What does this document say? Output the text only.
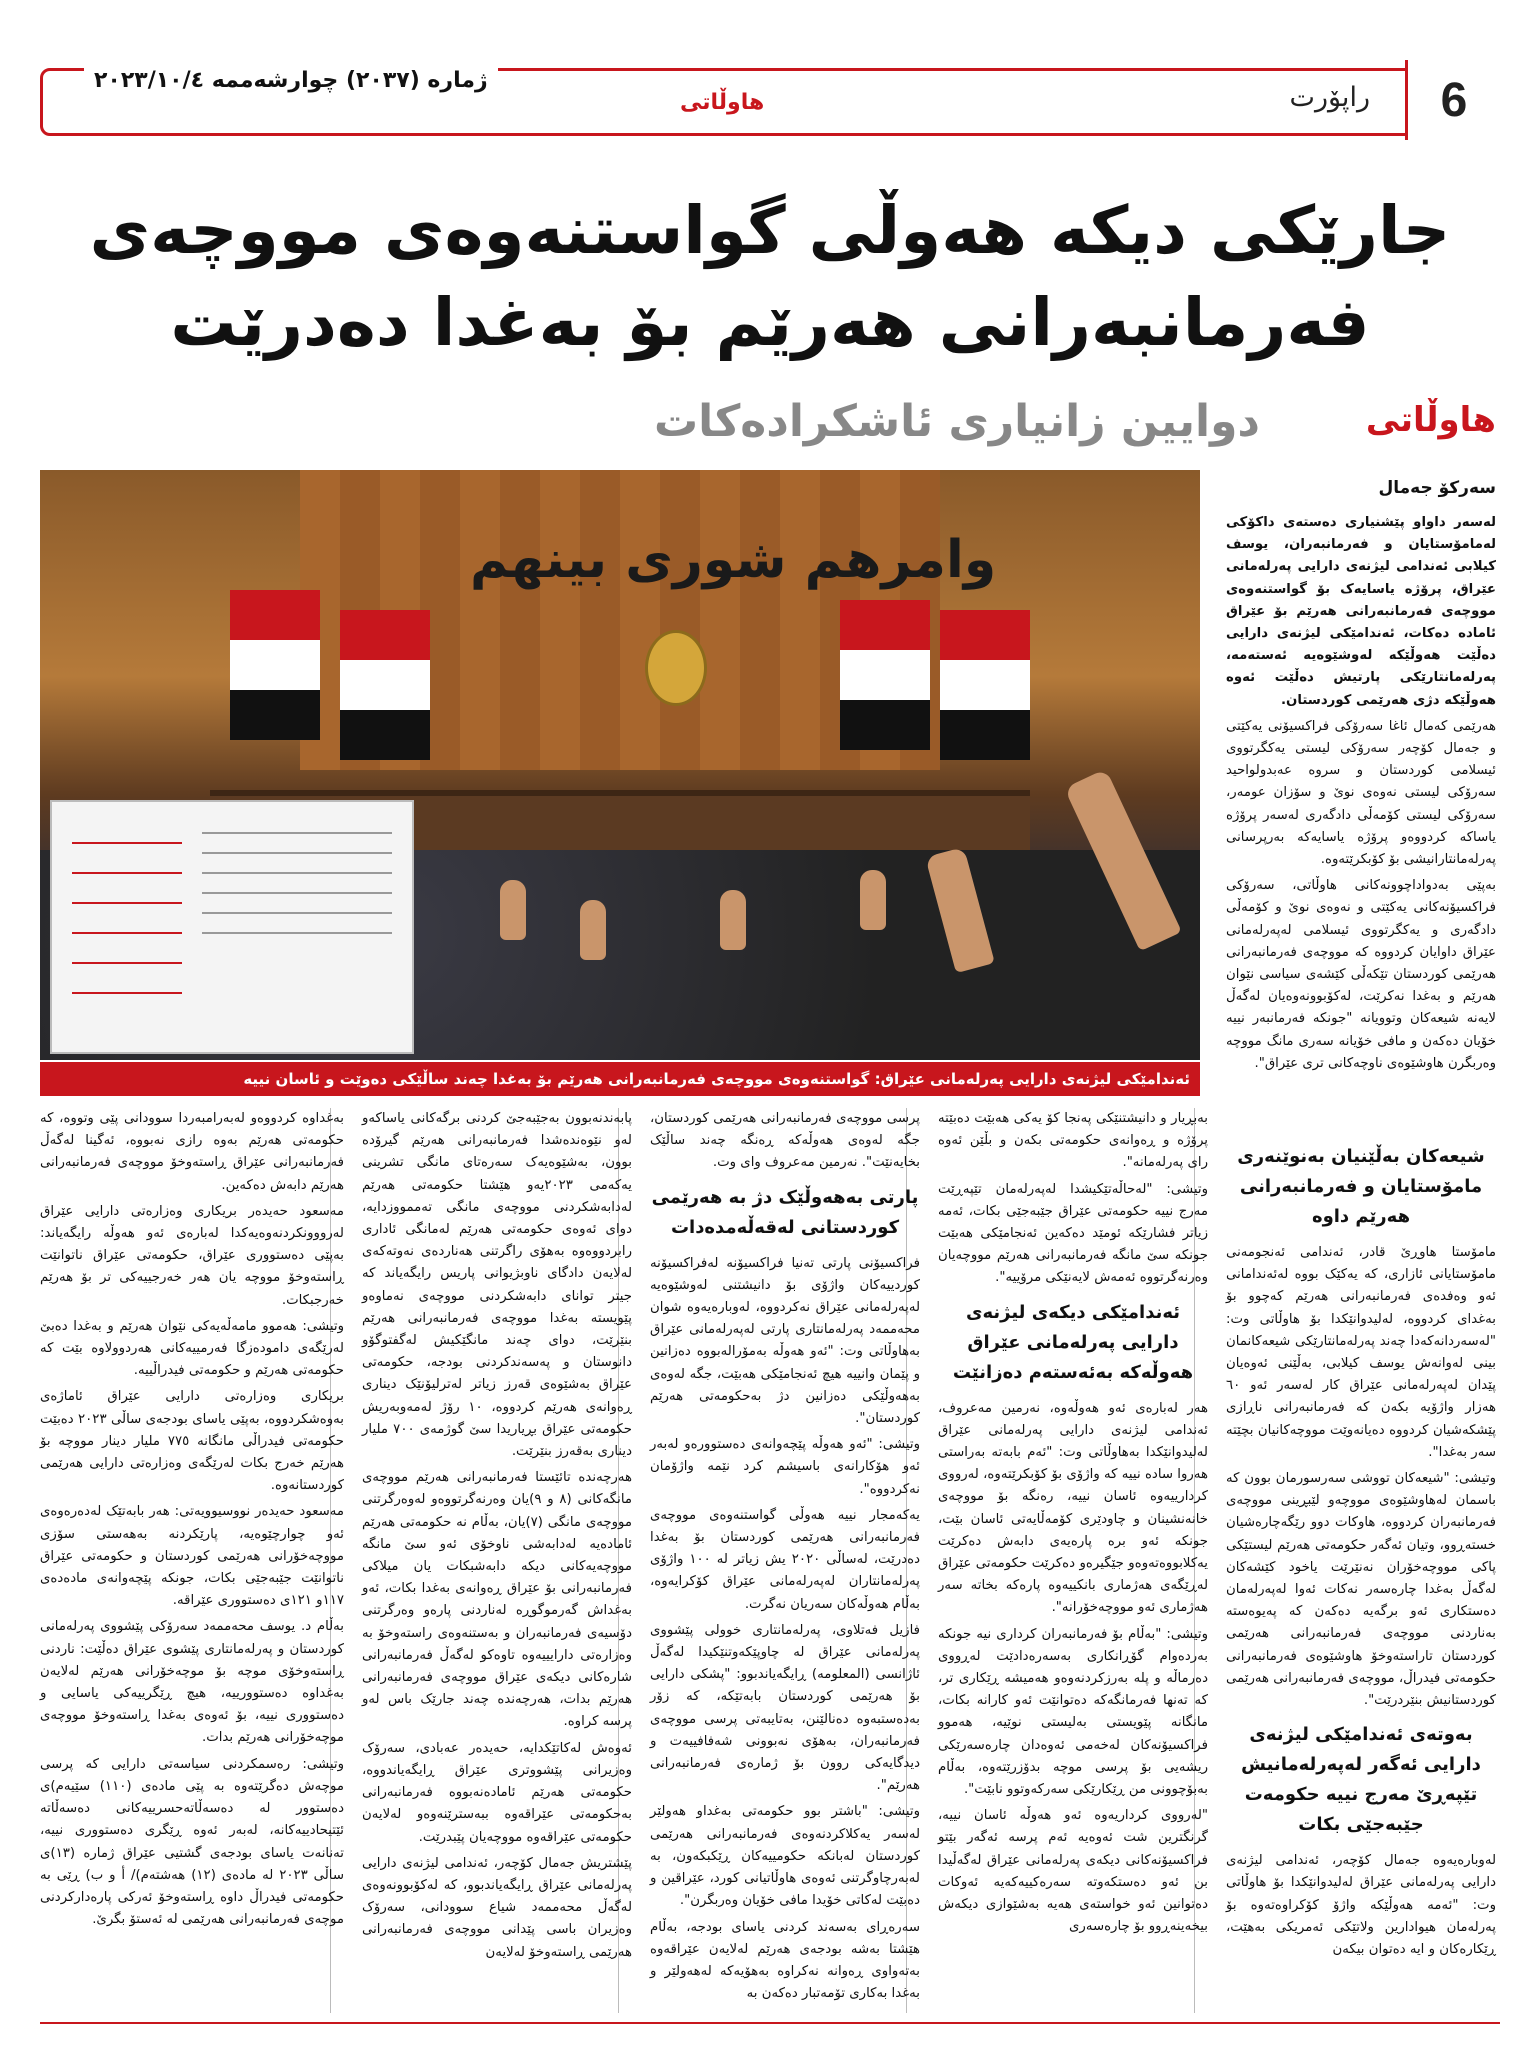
6
راپۆرت
هاوڵاتی
ژمارە (٢٠٣٧) چوارشەممە ٢٠٢٣/١٠/٤
جارێکی دیکە هەوڵی گواستنەوەی مووچەی
فەرمانبەرانی هەرێم بۆ بەغدا دەدرێت
هاوڵاتی
دوایین زانیاری ئاشکرادەکات
وامرهم شوری بینهم
ئەندامێکی لیژنەی دارایی پەرلەمانی عێراق: گواستنەوەی مووچەی فەرمانبەرانی هەرێم بۆ بەغدا چەند ساڵێکی دەوێت و ئاسان نییە
سەرکۆ جەمال

لەسەر داواو پێشنیاری دەستەی داکۆکی لەمامۆستایان و فەرمانبەران، یوسف کیلابی ئەندامی لیژنەی دارایی پەرلەمانی عێراق، پرۆژە یاسایەک بۆ گواستنەوەی مووچەی فەرمانبەرانی هەرێم بۆ عێراق ئامادە دەکات، ئەندامێکی لیژنەی دارایی دەڵێت هەوڵێکە لەوشێوەیە ئەستەمە، پەرلەمانتارێکی پارتیش دەڵێت ئەوە هەوڵێکە دژی هەرێمی کوردستان.

هەرێمی کەمال ئاغا سەرۆکی فراکسیۆنی یەکێتی و جەمال کۆچەر سەرۆکی لیستی یەکگرتووی ئیسلامی کوردستان و سروە عەبدولواحید سەرۆکی لیستی نەوەی نوێ و سۆزان عومەر، سەرۆکی لیستی کۆمەڵی دادگەری لەسەر پرۆژە یاساکە کردووەو پرۆژە یاسایەکە بەرپرسانی پەرلەمانتارانیشی بۆ کۆبکرێتەوە.

بەپێی بەدواداچوونەکانی هاوڵاتی، سەرۆکی فراکسیۆنەکانی یەکێتی و نەوەی نوێ و کۆمەڵی دادگەری و یەکگرتووی ئیسلامی لەپەرلەمانی عێراق داوایان کردووە کە مووچەی فەرمانبەرانی هەرێمی کوردستان تێکەڵی کێشەی سیاسی نێوان هەرێم و بەغدا نەکرێت، لەکۆبوونەوەیان لەگەڵ لایەنە شیعەکان وتوویانە "جونکە فەرمانبەر نییە خۆیان دەکەن و مافی خۆیانە سەری مانگ مووچە وەربگرن هاوشێوەی ناوچەکانی تری عێراق".

شیعەکان بەڵێنیان بەنوێنەری مامۆستایان و فەرمانبەرانی هەرێم داوە

مامۆستا هاوڕێ قادر، ئەندامی ئەنجومەنی مامۆستایانی ئازاری، کە یەکێک بووە لەئەندامانی ئەو وەفدەی فەرمانبەرانی هەرێم کەچوو بۆ بەغدای کردووە، لەلیدوانێکدا بۆ هاوڵاتی وت: "لەسەردانەکەدا چەند پەرلەمانتارێکی شیعەکانمان بینی لەوانەش یوسف کیلابی، بەڵێنی ئەوەیان پێدان لەپەرلەمانی عێراق کار لەسەر ئەو ٦٠ هەزار واژۆیە بکەن کە فەرمانبەرانی ناڕازی پێشکەشیان کردووە دەیانەوێت مووچەکانیان بچێتە سەر بەغدا".

وتیشی: "شیعەکان تووشی سەرسورمان بوون کە باسمان لەهاوشێوەی مووچەو لێبڕینی مووچەی فەرمانبەران کردووە، هاوکات دوو رێگەچارەشیان خستەڕوو، وتیان ئەگەر حکومەتی هەرێم لیستێکی پاکی مووچەخۆران نەنێرێت یاخود کێشەکان لەگەڵ بەغدا چارەسەر نەکات ئەوا لەپەرلەمان دەستکاری ئەو برگەیە دەکەن کە پەیوەستە بەناردنی مووچەی فەرمانبەرانی هەرێمی کوردستان تاراستەوخۆ هاوشێوەی فەرمانبەرانی حکومەتی فیدراڵ، مووچەی فەرمانبەرانی هەرێمی کوردستانیش بنێردرێت".

بەوتەی ئەندامێکی لیژنەی دارایی ئەگەر لەپەرلەمانیش تێپەڕێ مەرج نییە حکومەت جێبەجێی بکات

لەوبارەیەوە جەمال کۆچەر، ئەندامی لیژنەی دارایی پەرلەمانی عێراق لەلیدوانێکدا بۆ هاوڵاتی وت: "ئەمە هەوڵێکە واژۆ کۆکراوەتەوە بۆ پەرلەمان هیوادارین ولاتێکی ئەمریکی بەهێت، ڕێکارەکان و ایە دەتوان بیکەن

بەبڕیار و دانیشتنێکی پەنجا کۆ یەکی هەبێت دەبێتە پرۆژە و ڕەوانەی حکومەتی بکەن و بڵێن ئەوە رای پەرلەمانە".

وتیشی: "لەحاڵەتێکیشدا لەپەرلەمان تێپەڕێت مەرج نییە حکومەتی عێراق جێبەجێی بکات، ئەمە زیاتر فشارێکە ئومێد دەکەین ئەنجامێکی هەبێت جونکە سێ مانگە فەرمانبەرانی هەرێم مووچەیان وەرنەگرتووە ئەمەش لایەنێکی مرۆییە".

ئەندامێکی دیکەی لیژنەی دارایی پەرلەمانی عێراق هەوڵەکە بەئەستەم دەزانێت

هەر لەبارەی ئەو هەوڵەوە، نەرمین مەعروف، ئەندامی لیژنەی دارایی پەرلەمانی عێراق لەلیدوانێکدا بەهاوڵاتی وت: "ئەم بابەتە بەراستی هەروا سادە نییە کە واژۆی بۆ کۆبکرێتەوە، لەرووی کردارییەوە ئاسان نییە، رەنگە بۆ مووچەی خانەنشینان و چاودێری کۆمەڵایەتی ئاسان بێت، جونکە ئەو برە پارەیەی دابەش دەکرێت یەکلابووەتەوەو جێگیرەو دەکرێت حکومەتی عێراق لەڕێگەی هەژماری بانکییەوە پارەکە بخاتە سەر هەژماری ئەو مووچەخۆرانە".

وتیشی: "بەڵام بۆ فەرمانبەران کرداری نیە جونکە بەردەوام گۆڕانکاری بەسەرەدادێت لەڕووی دەرماڵە و پلە بەرزکردنەوەو هەمیشە ڕێکاری تر، کە تەنها فەرمانگەکە دەتوانێت ئەو کارانە بکات، مانگانە پێویستی بەلیستی نوێیە، هەموو فراکسیۆنەکان لەخەمی ئەوەدان چارەسەرێکی ریشەیی بۆ پرسی موچە بدۆزرێتەوە، بەڵام بەبۆچوونی من ڕێکارێکی سەرکەوتوو نابێت".

"لەرووی کرداریەوە ئەو هەوڵە ئاسان نییە، گرنگترین شت ئەوەیە ئەم پرسە ئەگەر بێتو فراکسیۆنەکانی دیکەی پەرلەمانی عێراق لەگەڵیدا بن ئەو دەستکەوتە سەرەکییەکەیە ئەوکات دەتوانین ئەو خواستەی هەیە بەشێوازی دیکەش بیخەینەڕوو بۆ چارەسەری

پرسی مووچەی فەرمانبەرانی هەرێمی کوردستان، جگە لەوەی هەوڵەکە ڕەنگە چەند ساڵێک بخایەنێت". نەرمین مەعروف وای وت.

پارتی بەهەوڵێک دژ بە هەرێمی کوردستانی لەقەڵەمدەدات

فراکسیۆنی پارتی تەنیا فراکسیۆنە لەفراکسیۆنە کوردییەکان واژۆی بۆ دانیشتنی لەوشێوەیە لەپەرلەمانی عێراق نەکردووە، لەوبارەیەوە شوان محەممەد پەرلەمانتاری پارتی لەپەرلەمانی عێراق بەهاوڵاتی وت: "ئەو هەوڵە بەمۆرالەبووە دەزانین و پێمان وانییە هیچ ئەنجامێکی هەبێت، جگە لەوەی بەهەوڵێکی دەزانین دژ بەحکومەتی هەرێم کوردستان".

وتیشی: "ئەو هەوڵە پێچەوانەی دەستوورەو لەبەر ئەو هۆکارانەی باسیشم کرد نێمە واژۆمان نەکردووە".

یەکەمجار نییە هەوڵی گواستنەوەی مووچەی فەرمانبەرانی هەرێمی کوردستان بۆ بەغدا دەدرێت، لەساڵی ٢٠٢٠ یش زیاتر لە ١٠٠ واژۆی پەرلەمانتاران لەپەرلەمانی عێراق کۆکرایەوە، بەڵام هەوڵەکان سەریان نەگرت.

فازیل فەتلاوی، پەرلەمانتاری خوولی پێشووی پەرلەمانی عێراق لە چاوپێکەوتنێکیدا لەگەڵ ئاژانسی (المعلومە) ڕایگەیاندبوو: "پشکی دارایی بۆ هەرێمی کوردستان بابەتێکە، کە زۆر بەدەستبەوە دەنالێنن، بەتایبەتی پرسی مووچەی فەرمانبەران، بەهۆی نەبوونی شەفافییەت و دیدگایەکی روون بۆ ژمارەی فەرمانبەرانی هەرێم".

وتیشی: "باشتر بوو حکومەتی بەغداو هەولێر لەسەر یەکلاکردنەوەی فەرمانبەرانی هەرێمی کوردستان لەبانکە حکومییەکان ڕێکبکەون، بە لەبەرچاوگرتنی ئەوەی هاوڵاتیانی کورد، عێراقین و دەبێت لەکاتی خۆیدا مافی خۆیان وەربگرن".

سەرەڕای بەسەند کردنی یاسای بودجە، بەڵام هێشتا بەشە بودجەی هەرێم لەلایەن عێراقەوە بەتەواوی ڕەوانە نەکراوە بەهۆیەکە لەهەولێر و بەغدا بەکاری تۆمەتبار دەکەن بە

پابەندنەبوون بەجێبەجێ کردنی برگەکانی یاساکەو لەو نێوەندەشدا فەرمانبەرانی هەرێم گیرۆدە بوون، بەشێوەیەک سەرەتای مانگی تشرینی یەکەمی ٢٠٢٣یەو هێشتا حکومەتی هەرێم لەدابەشکردنی مووچەی مانگی تەممووزدایە، دوای ئەوەی حکومەتی هەرێم لەمانگی ئاداری رابردووەوە بەهۆی راگرتنی هەناردەی نەوتەکەی لەلایەن دادگای ناوبژیوانی پاریس رایگەیاند کە جیتر توانای دابەشکردنی مووچەی نەماوەو پێویستە بەغدا مووچەی فەرمانبەرانی هەرێم بنێرێت، دوای چەند مانگێکیش لەگفتوگۆو دانوستان و پەسەندکردنی بودجە، حکومەتی عێراق بەشێوەی قەرز زیاتر لەترلیۆنێک دیناری ڕەوانەی هەرێم کردووە، ١٠ رۆژ لەمەوبەریش حکومەتی عێراق بڕیاریدا سێ گوژمەی ٧٠٠ ملیار دیناری بەقەرز بنێرێت.

هەرچەندە تائێستا فەرمانبەرانی هەرێم مووچەی مانگەکانی (٨ و ٩)یان وەرنەگرتووەو لەوەرگرتنی مووچەی مانگی (٧)یان، بەڵام نە حکومەتی هەرێم ئامادەیە لەدابەشی ناوخۆی ئەو سێ مانگە مووچەیەکانی دیکە دابەشبکات یان میلاکی فەرمانبەرانی بۆ عێراق ڕەوانەی بەغدا بکات، ئەو بەغداش گەرموگوڕە لەناردنی پارەو وەرگرتنی دۆسیەی فەرمانبەران و بەستنەوەی راستەوخۆ بە وەزارەتی دارایییەوە تاوەکو لەگەڵ فەرمانبەرانی شارەکانی دیکەی عێراق مووچەی فەرمانبەرانی هەرێم بدات، هەرچەندە چەند جارێک باس لەو پرسە کراوە.

ئەوەش لەکاتێکدایە، حەیدەر عەبادی، سەرۆک وەزیرانی پێشووتری عێراق ڕایگەیاندووە، حکومەتی هەرێم ئامادەنەبووە فەرمانبەرانی بەحکومەتی عێراقەوە ببەسترێنەوەو لەلایەن حکومەتی عێراقەوە مووچەیان پێبدرێت.

پێشتریش جەمال کۆچەر، ئەندامی لیژنەی دارایی پەرلەمانی عێراق ڕایگەیاندبوو، کە لەکۆبوونەوەی لەگەڵ محەممەد شیاع سوودانی، سەرۆک وەزیران باسی پێدانی مووچەی فەرمانبەرانی هەرێمی ڕاستەوخۆ لەلایەن

بەغداوە کردووەو لەبەرامبەردا سوودانی پێی وتووە، کە حکومەتی هەرێم بەوە رازی نەبووە، ئەگینا لەگەڵ فەرمانبەرانی عێراق ڕاستەوخۆ مووچەی فەرمانبەرانی هەرێم دابەش دەکەین.

مەسعود حەیدەر بریکاری وەزارەتی دارایی عێراق لەرووونکردنەوەیەکدا لەبارەی ئەو هەوڵە رایگەیاند: بەپێی دەستووری عێراق، حکومەتی عێراق ناتوانێت ڕاستەوخۆ مووچە یان هەر خەرجییەکی تر بۆ هەرێم خەرجبکات.

وتیشی: هەموو مامەڵەیەکی نێوان هەرێم و بەغدا دەبێ لەرێگەی دامودەزگا فەرمییەکانی هەردوولاوە بێت کە حکومەتی هەرێم و حکومەتی فیدراڵییە.

بریکاری وەزارەتی دارایی عێراق ئاماژەی بەوەشکردووە، بەپێی یاسای بودجەی ساڵی ٢٠٢٣ دەبێت حکومەتی فیدراڵی مانگانە ٧٧٥ ملیار دینار مووچە بۆ هەرێم خەرج بکات لەرێگەی وەزارەتی دارایی هەرێمی کوردستانەوە.

مەسعود حەیدەر نووسیوویەتی: هەر بابەتێک لەدەرەوەی ئەو چوارچێوەیە، پارێکردنە بەهەستی سۆزی مووچەخۆرانی هەرێمی کوردستان و حکومەتی عێراق ناتوانێت جێبەجێی بکات، جونکە پێچەوانەی مادەدەی ١١٧و ١٢١ی دەستووری عێراقە.

بەڵام د. یوسف محەممەد سەرۆکی پێشووی پەرلەمانی کوردستان و پەرلەمانتاری پێشوی عێراق دەڵێت: ناردنی ڕاستەوخۆی موچە بۆ موچەخۆرانی هەرێم لەلایەن بەغداوە دەستوورییە، هیچ ڕێگرییەکی یاسایی و دەستووری نییە، بۆ ئەوەی بەغدا ڕاستەوخۆ مووچەی موچەخۆرانی هەرێم بدات.

وتیشی: رەسمکردنی سیاسەتی دارایی کە پرسی موچەش دەگرێتەوە بە پێی مادەی (١١٠) سێیەم)ی دەستوور لە دەسەڵاتەحسرییەکانی دەسەڵاتە ئێتیحادییەکانە، لەبەر ئەوە ڕێگری دەستووری نییە، تەنانەت یاسای بودجەی گشتیی عێراق ژمارە (١٣)ی ساڵی ٢٠٢٣ لە مادەی (١٢) هەشتەم)/ أ و ب) ڕێی بە حکومەتی فیدراڵ داوە ڕاستەوخۆ ئەرکی پارەدارکردنی موچەی فەرمانبەرانی هەرێمی لە ئەستۆ بگرێ.
